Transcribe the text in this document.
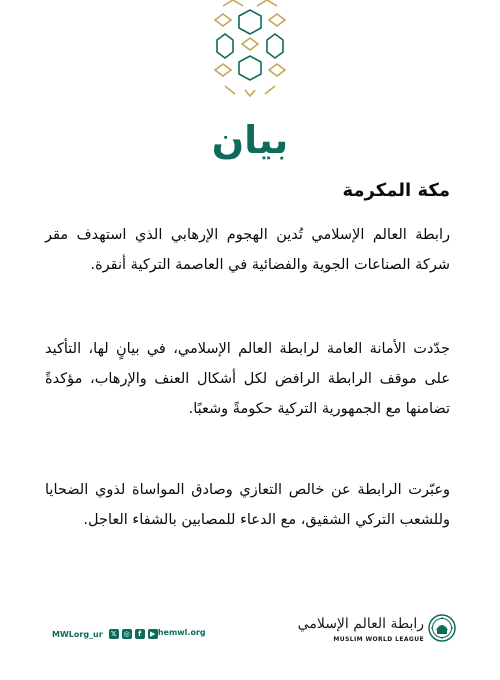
بيان
مكة المكرمة
رابطة العالم الإسلامي تُدين الهجوم الإرهابي الذي استهدف مقر شركة الصناعات الجوية والفضائية في العاصمة التركية أنقرة.
جدّدت الأمانة العامة لرابطة العالم الإسلامي، في بيانٍ لها، التأكيد على موقف الرابطة الرافض لكل أشكال العنف والإرهاب، مؤكدةً تضامنها مع الجمهورية التركية حكومةً وشعبًا.
وعبّرت الرابطة عن خالص التعازي وصادق المواساة لذوي الضحايا وللشعب التركي الشقيق، مع الدعاء للمصابين بالشفاء العاجل.
MWLorg_ur	𝕏	◎	f	▶
themwl.org
رابطة العالم الإسلامي
MUSLIM WORLD LEAGUE
